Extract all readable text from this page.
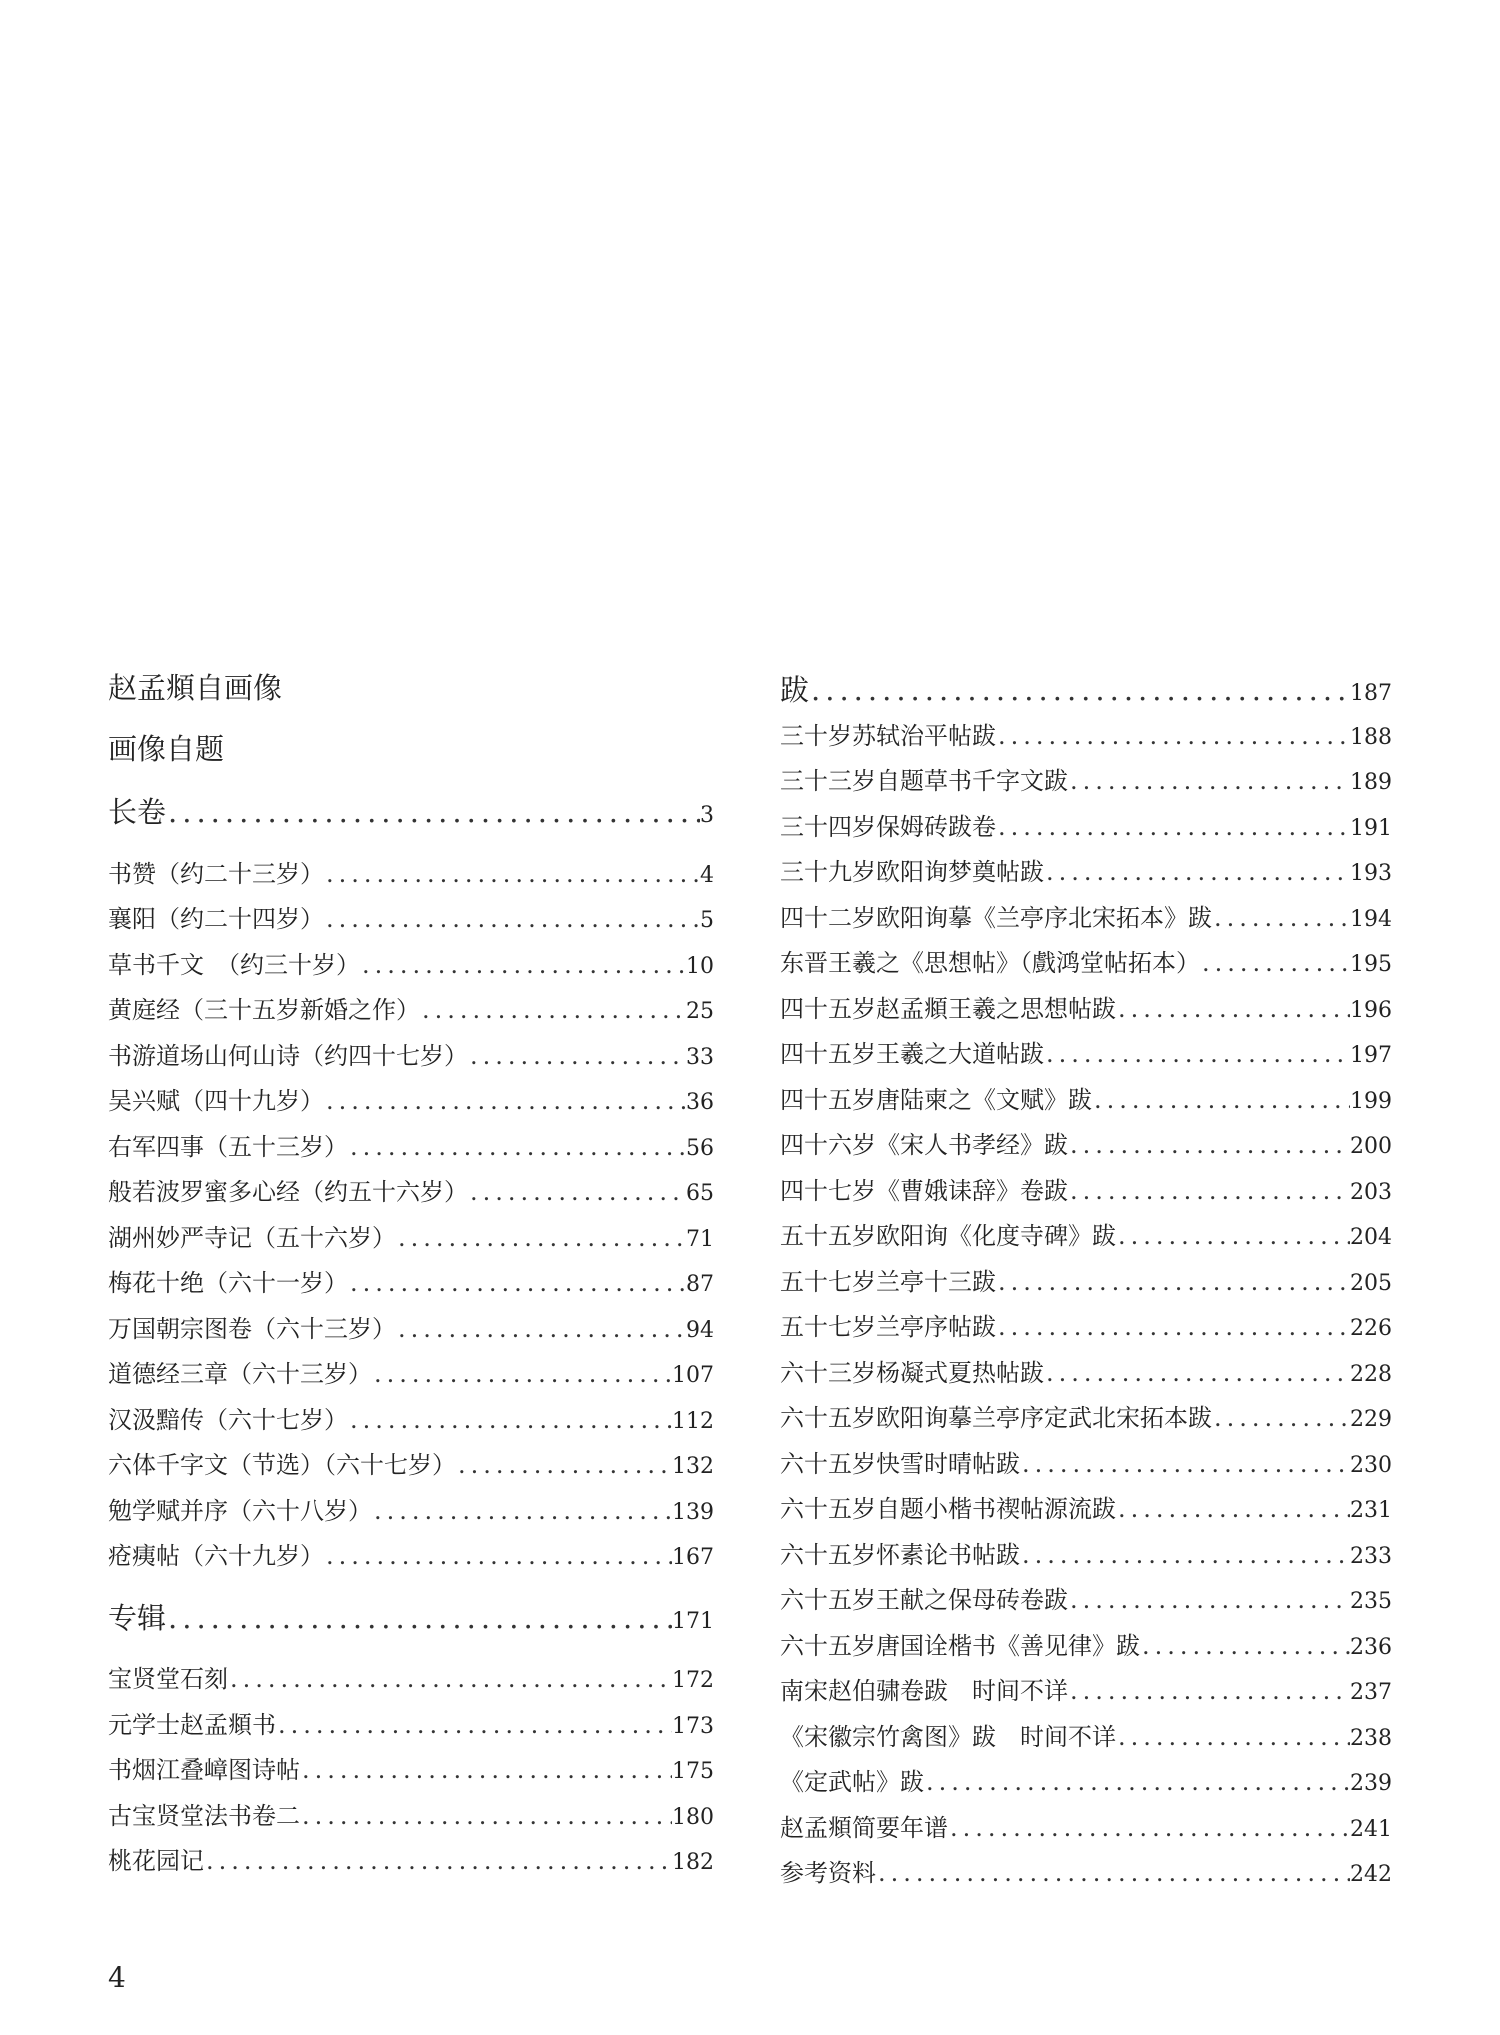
赵孟頫自画像
画像自题
长卷 .....	3
书赞（约二十三岁） .....	4
襄阳（约二十四岁） .....	5
草书千文　（约三十岁） .....	10
黄庭经（三十五岁新婚之作） .....	25
书游道场山何山诗（约四十七岁） .....	33
吴兴赋（四十九岁） .....	36
右军四事（五十三岁） .....	56
般若波罗蜜多心经（约五十六岁） .....	65
湖州妙严寺记（五十六岁） .....	71
梅花十绝（六十一岁） .....	87
万国朝宗图卷（六十三岁） .....	94
道德经三章（六十三岁） .....	107
汉汲黯传（六十七岁） .....	112
六体千字文（节选）（六十七岁） .....	132
勉学赋并序（六十八岁） .....	139
疮痍帖（六十九岁） .....	167
专辑 .....	171
宝贤堂石刻 .....	172
元学士赵孟頫书 .....	173
书烟江叠嶂图诗帖 .....	175
古宝贤堂法书卷二 .....	180
桃花园记 .....	182
跋 .....	187
三十岁苏轼治平帖跋 .....	188
三十三岁自题草书千字文跋 .....	189
三十四岁保姆砖跋卷 .....	191
三十九岁欧阳询梦奠帖跋 .....	193
四十二岁欧阳询摹《兰亭序北宋拓本》跋 .....	194
东晋王羲之《思想帖》（戲鸿堂帖拓本） .....	195
四十五岁赵孟頫王羲之思想帖跋 .....	196
四十五岁王羲之大道帖跋 .....	197
四十五岁唐陆柬之《文赋》跋 .....	199
四十六岁《宋人书孝经》跋 .....	200
四十七岁《曹娥诔辞》卷跋 .....	203
五十五岁欧阳询《化度寺碑》跋 .....	204
五十七岁兰亭十三跋 .....	205
五十七岁兰亭序帖跋 .....	226
六十三岁杨凝式夏热帖跋 .....	228
六十五岁欧阳询摹兰亭序定武北宋拓本跋 .....	229
六十五岁快雪时晴帖跋 .....	230
六十五岁自题小楷书禊帖源流跋 .....	231
六十五岁怀素论书帖跋 .....	233
六十五岁王献之保母砖卷跋 .....	235
六十五岁唐国诠楷书《善见律》跋 .....	236
南宋赵伯骕卷跋　时间不详 .....	237
《宋徽宗竹禽图》跋　时间不详 .....	238
《定武帖》跋 .....	239
赵孟頫简要年谱 .....	241
参考资料 .....	242
4
